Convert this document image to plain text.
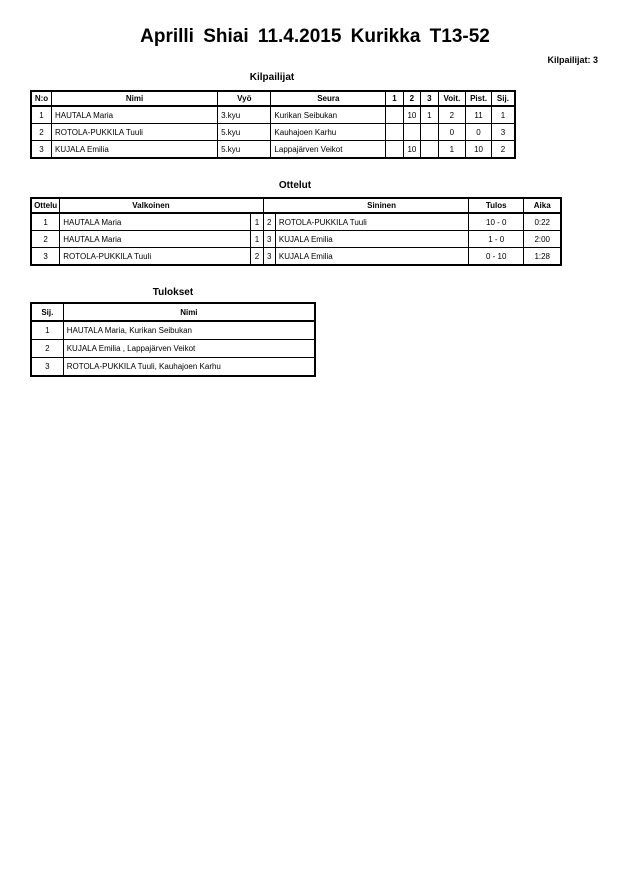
Aprilli Shiai 11.4.2015 Kurikka T13-52
Kilpailijat: 3
Kilpailijat
N:o	Nimi	Vyö	Seura	1	2	3	Voit.	Pist.	Sij.
1	HAUTALA Maria	3.kyu	Kurikan Seibukan		10	1	2	11	1
2	ROTOLA-PUKKILA Tuuli	5.kyu	Kauhajoen Karhu				0	0	3
3	KUJALA Emilia	5.kyu	Lappajärven Veikot		10		1	10	2
Ottelut
Ottelu	Valkoinen		Sininen		Tulos	Aika
1	HAUTALA Maria	1	2	ROTOLA-PUKKILA Tuuli	10 - 0	0:22
2	HAUTALA Maria	1	3	KUJALA Emilia	1 - 0	2:00
3	ROTOLA-PUKKILA Tuuli	2	3	KUJALA Emilia	0 - 10	1:28
Tulokset
Sij.	Nimi
1	HAUTALA Maria, Kurikan Seibukan
2	KUJALA Emilia , Lappajärven Veikot
3	ROTOLA-PUKKILA Tuuli, Kauhajoen Karhu
